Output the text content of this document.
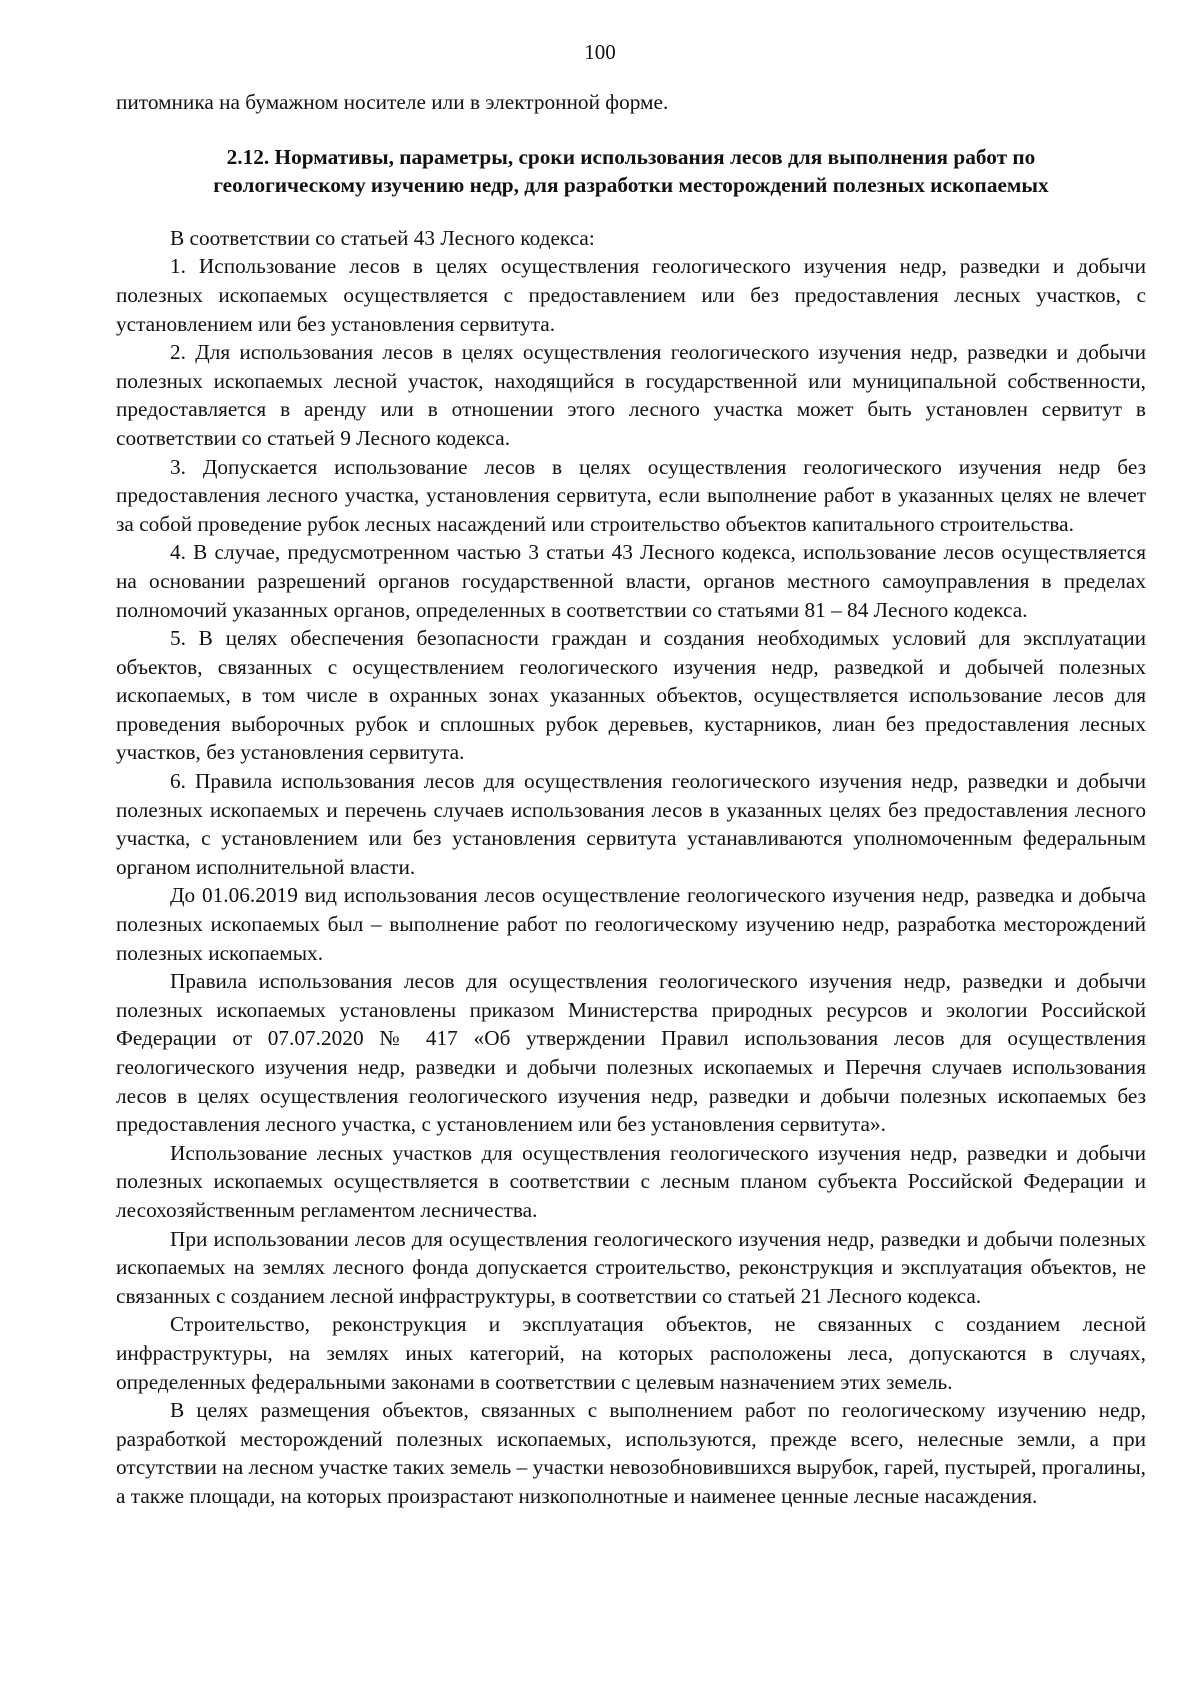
100

питомника на бумажном носителе или в электронной форме.

2.12. Нормативы, параметры, сроки использования лесов для выполнения работ по
геологическому изучению недр, для разработки месторождений полезных ископаемых

В соответствии со статьей 43 Лесного кодекса:

1. Использование лесов в целях осуществления геологического изучения недр, разведки и добычи полезных ископаемых осуществляется с предоставлением или без предоставления лесных участков, с установлением или без установления сервитута.

2. Для использования лесов в целях осуществления геологического изучения недр, разведки и добычи полезных ископаемых лесной участок, находящийся в государственной или муниципальной собственности, предоставляется в аренду или в отношении этого лесного участка может быть установлен сервитут в соответствии со статьей 9 Лесного кодекса.

3. Допускается использование лесов в целях осуществления геологического изучения недр без предоставления лесного участка, установления сервитута, если выполнение работ в указанных целях не влечет за собой проведение рубок лесных насаждений или строительство объектов капитального строительства.

4. В случае, предусмотренном частью 3 статьи 43 Лесного кодекса, использование лесов осуществляется на основании разрешений органов государственной власти, органов местного самоуправления в пределах полномочий указанных органов, определенных в соответствии со статьями 81 – 84 Лесного кодекса.

5. В целях обеспечения безопасности граждан и создания необходимых условий для эксплуатации объектов, связанных с осуществлением геологического изучения недр, разведкой и добычей полезных ископаемых, в том числе в охранных зонах указанных объектов, осуществляется использование лесов для проведения выборочных рубок и сплошных рубок деревьев, кустарников, лиан без предоставления лесных участков, без установления сервитута.

6. Правила использования лесов для осуществления геологического изучения недр, разведки и добычи полезных ископаемых и перечень случаев использования лесов в указанных целях без предоставления лесного участка, с установлением или без установления сервитута устанавливаются уполномоченным федеральным органом исполнительной власти.

До 01.06.2019 вид использования лесов осуществление геологического изучения недр, разведка и добыча полезных ископаемых был – выполнение работ по геологическому изучению недр, разработка месторождений полезных ископаемых.

Правила использования лесов для осуществления геологического изучения недр, разведки и добычи полезных ископаемых установлены приказом Министерства природных ресурсов и экологии Российской Федерации от 07.07.2020 № 417 «Об утверждении Правил использования лесов для осуществления геологического изучения недр, разведки и добычи полезных ископаемых и Перечня случаев использования лесов в целях осуществления геологического изучения недр, разведки и добычи полезных ископаемых без предоставления лесного участка, с установлением или без установления сервитута».

Использование лесных участков для осуществления геологического изучения недр, разведки и добычи полезных ископаемых осуществляется в соответствии с лесным планом субъекта Российской Федерации и лесохозяйственным регламентом лесничества.

При использовании лесов для осуществления геологического изучения недр, разведки и добычи полезных ископаемых на землях лесного фонда допускается строительство, реконструкция и эксплуатация объектов, не связанных с созданием лесной инфраструктуры, в соответствии со статьей 21 Лесного кодекса.

Строительство, реконструкция и эксплуатация объектов, не связанных с созданием лесной инфраструктуры, на землях иных категорий, на которых расположены леса, допускаются в случаях, определенных федеральными законами в соответствии с целевым назначением этих земель.

В целях размещения объектов, связанных с выполнением работ по геологическому изучению недр, разработкой месторождений полезных ископаемых, используются, прежде всего, нелесные земли, а при отсутствии на лесном участке таких земель – участки невозобновившихся вырубок, гарей, пустырей, прогалины, а также площади, на которых произрастают низкополнотные и наименее ценные лесные насаждения.
